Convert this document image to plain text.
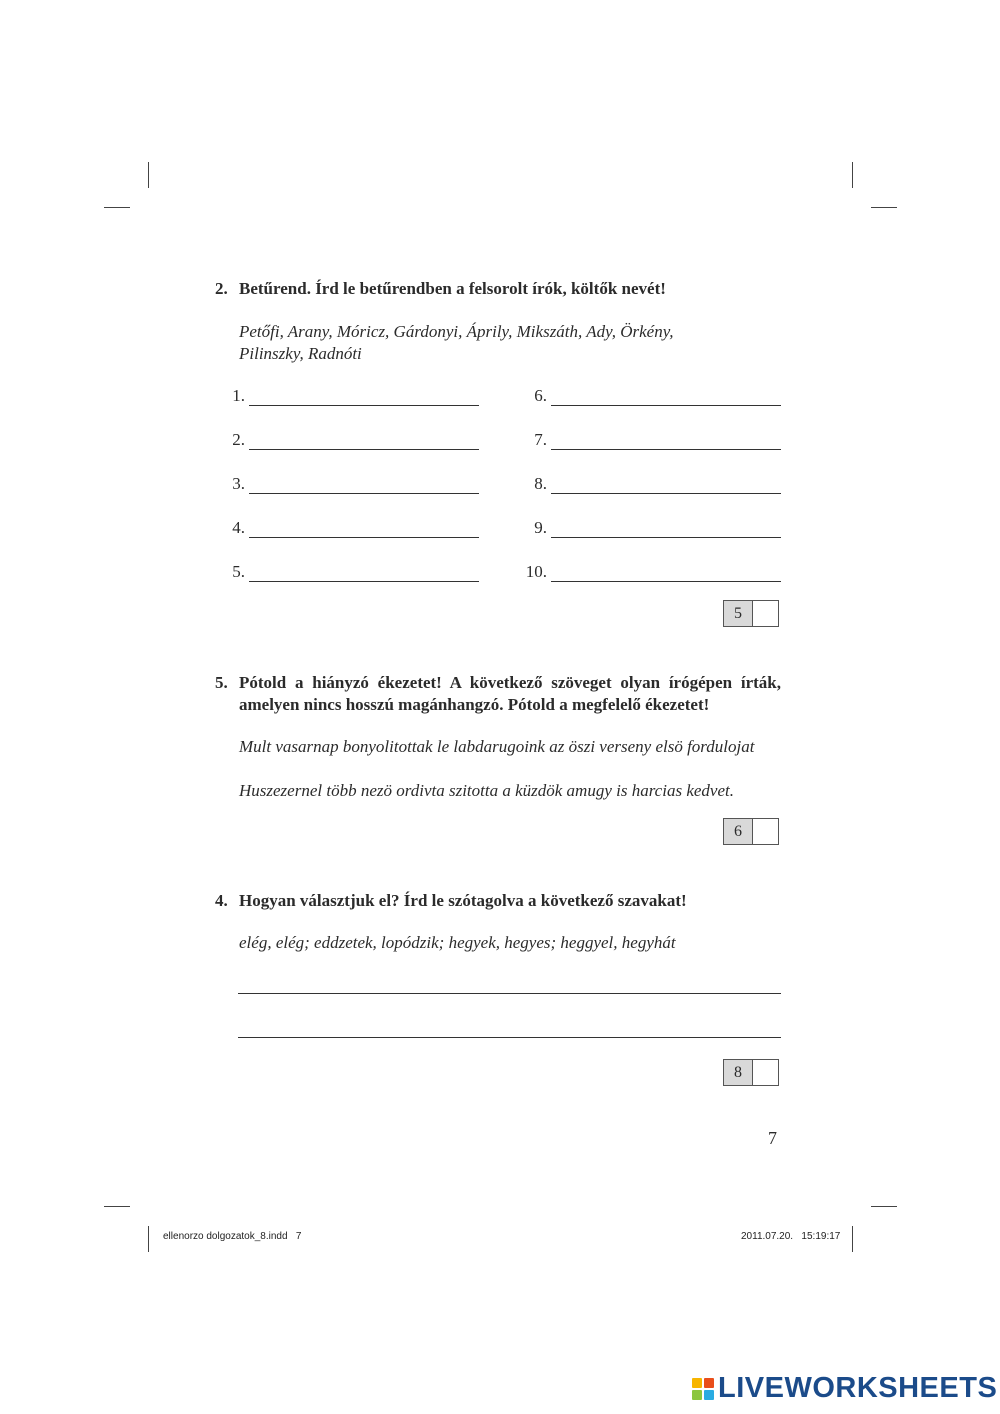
2. Betűrend. Írd le betűrendben a felsorolt írók, költők nevét!
Petőfi, Arany, Móricz, Gárdonyi, Áprily, Mikszáth, Ady, Örkény,
Pilinszky, Radnóti
1.
2.
3.
4.
5.
6.
7.
8.
9.
10.
5
5. Pótold a hiányzó ékezetet! A következő szöveget olyan írógépen írták, amelyen nincs hosszú magánhangzó. Pótold a megfelelő ékezetet!
Mult vasarnap bonyolitottak le labdarugoink az öszi verseny elsö fordulojat
Huszezernel több nezö ordivta szitotta a küzdök amugy is harcias kedvet.
6
4. Hogyan választjuk el? Írd le szótagolva a következő szavakat!
elég, elég; eddzetek, lopódzik; hegyek, hegyes; heggyel, hegyhát
8
7
ellenorzo dolgozatok_8.indd   7	2011.07.20.   15:19:17
LIVEWORKSHEETS
